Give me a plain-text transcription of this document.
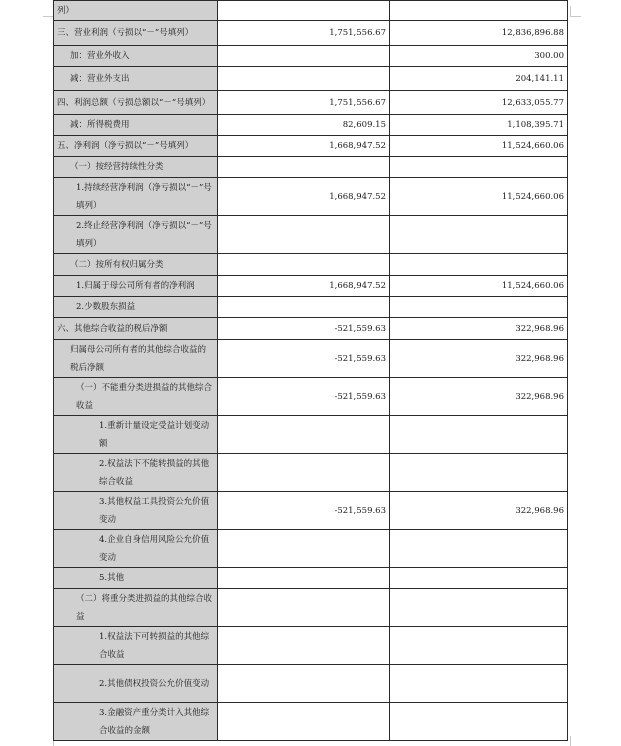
列）		
三、营业利润（亏损以“－”号填列）	1,751,556.67	12,836,896.88
加：营业外收入		300.00
减：营业外支出		204,141.11
四、利润总额（亏损总额以“－”号填列）	1,751,556.67	12,633,055.77
减：所得税费用	82,609.15	1,108,395.71
五、净利润（净亏损以“－”号填列）	1,668,947.52	11,524,660.06
（一）按经营持续性分类		
1.持续经营净利润（净亏损以“－”号填列）	1,668,947.52	11,524,660.06
2.终止经营净利润（净亏损以“－”号填列）		
（二）按所有权归属分类		
1.归属于母公司所有者的净利润	1,668,947.52	11,524,660.06
2.少数股东损益		
六、其他综合收益的税后净额	-521,559.63	322,968.96
归属母公司所有者的其他综合收益的税后净额	-521,559.63	322,968.96
（一）不能重分类进损益的其他综合收益	-521,559.63	322,968.96
1.重新计量设定受益计划变动额		
2.权益法下不能转损益的其他综合收益		
3.其他权益工具投资公允价值变动	-521,559.63	322,968.96
4.企业自身信用风险公允价值变动		
5.其他		
（二）将重分类进损益的其他综合收益		
1.权益法下可转损益的其他综合收益		
2.其他债权投资公允价值变动		
3.金融资产重分类计入其他综合收益的金额		
